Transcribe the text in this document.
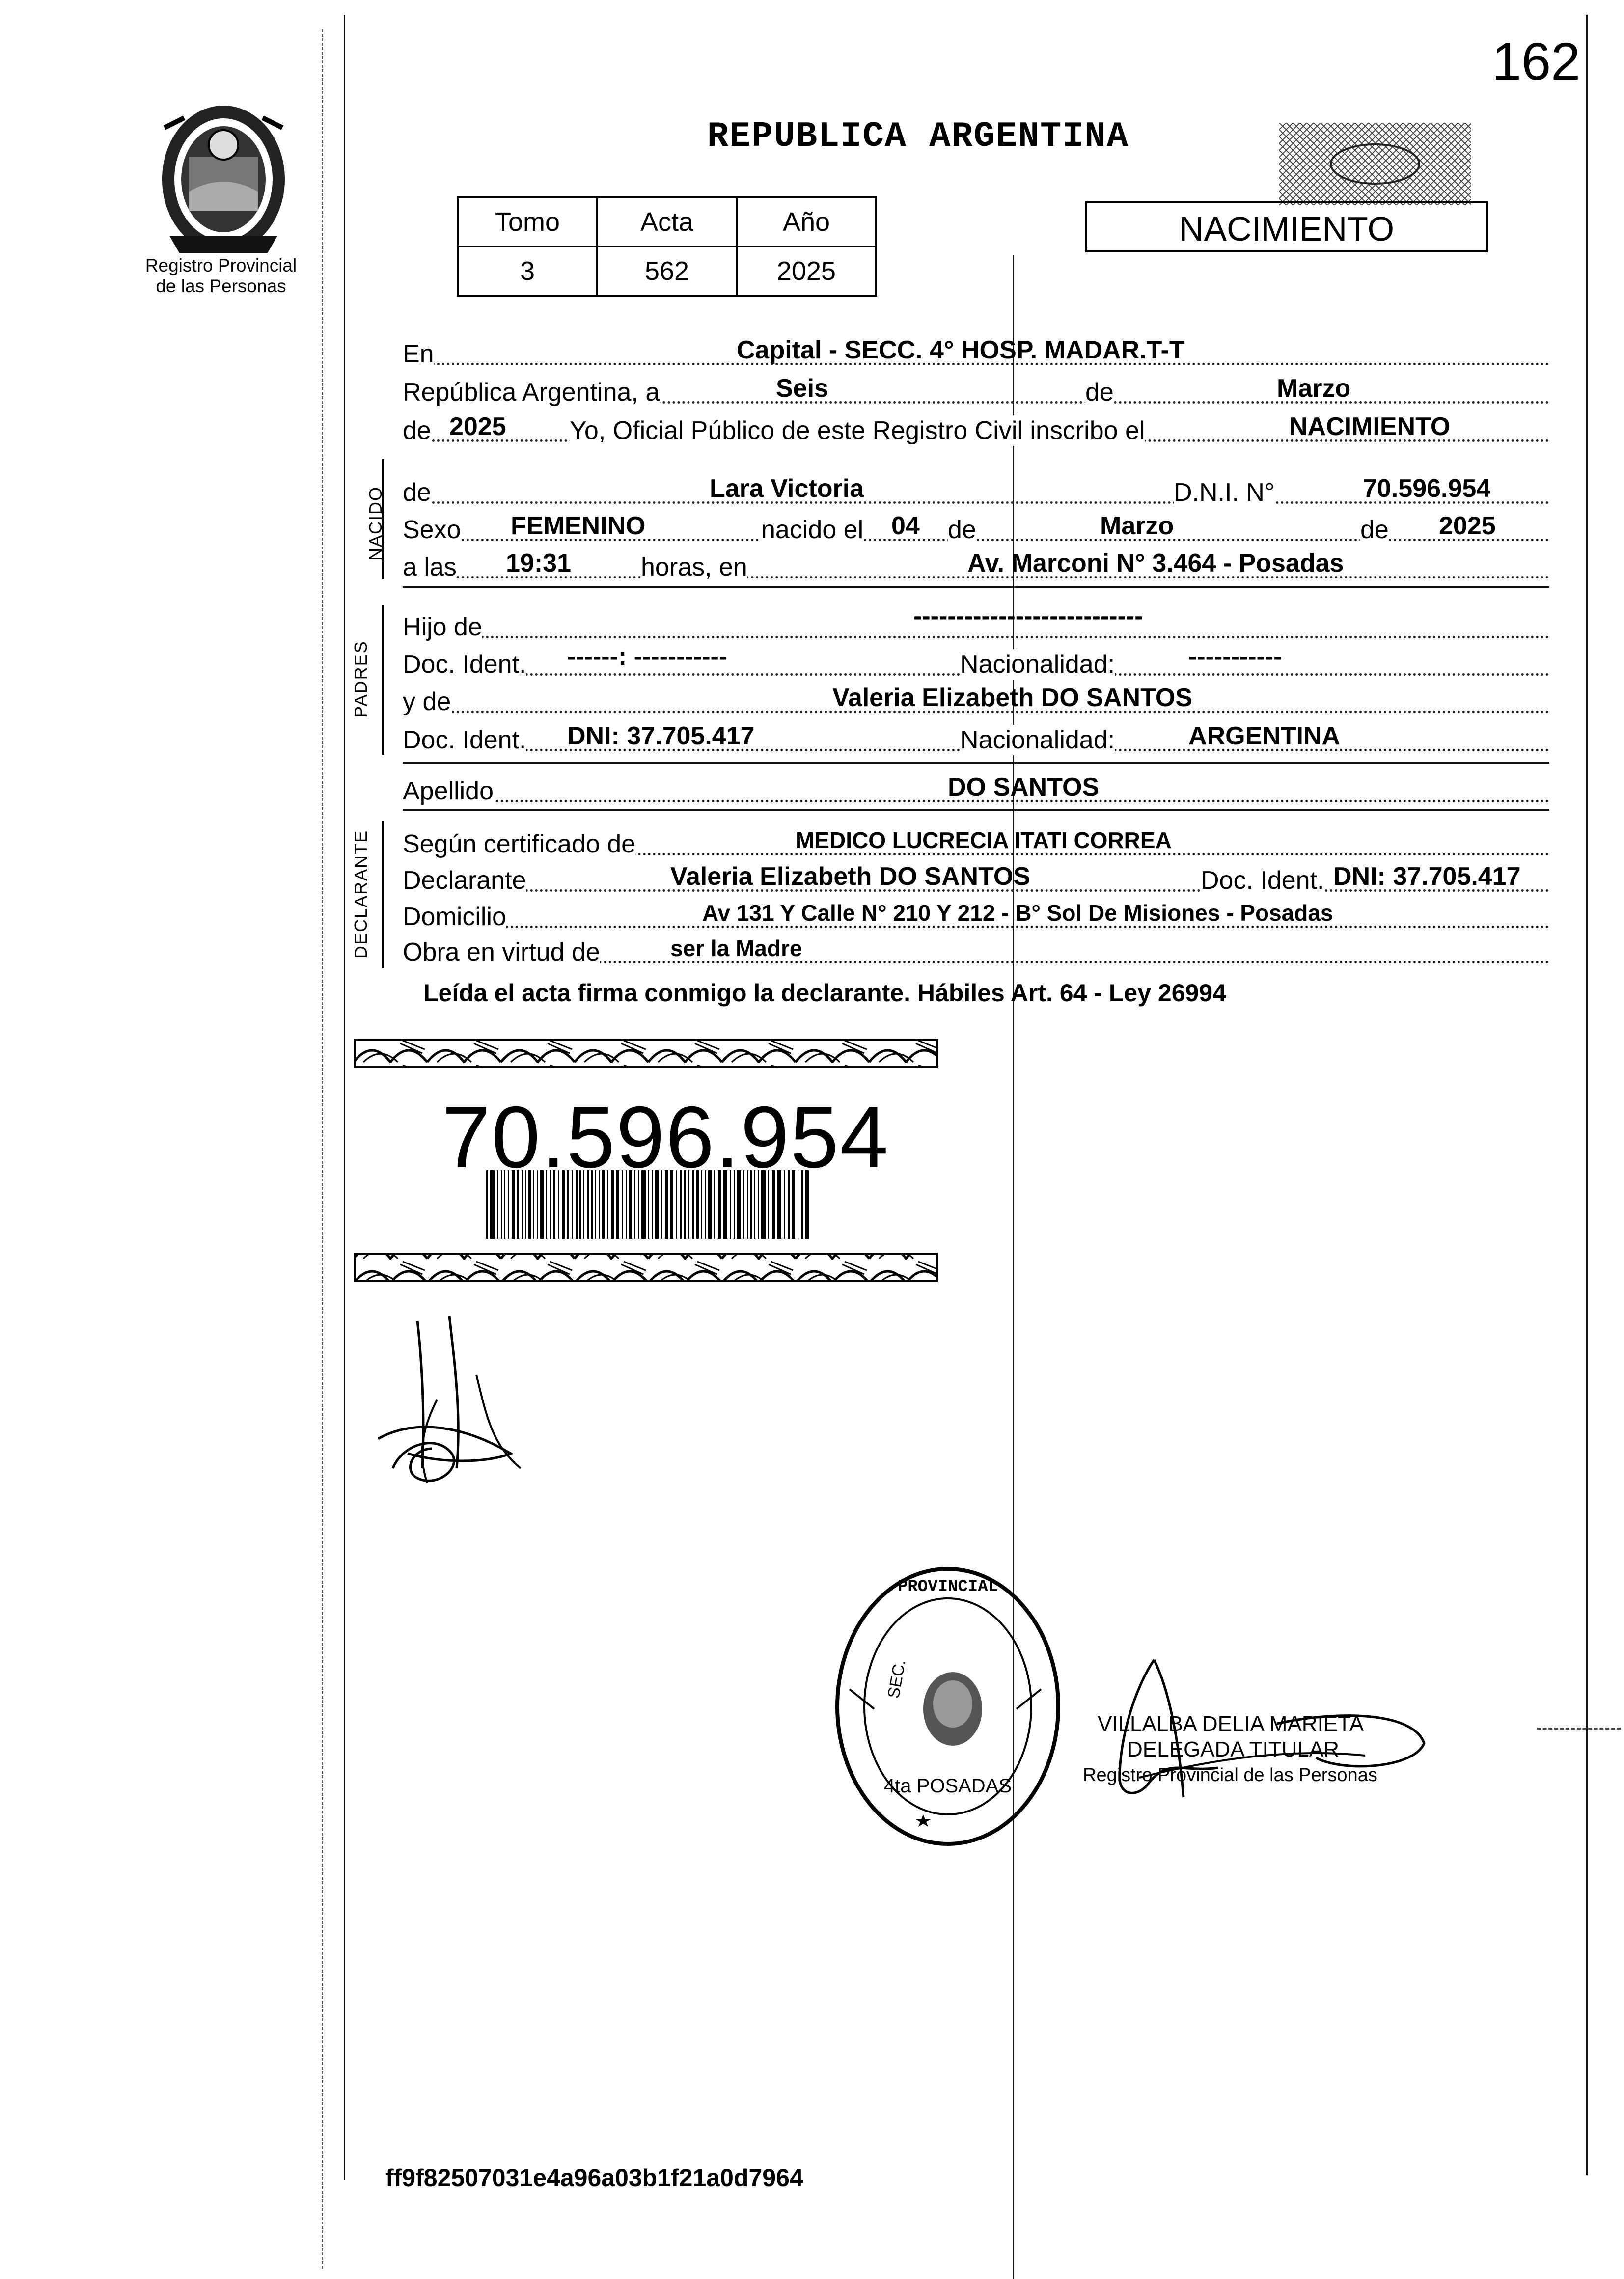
162
Registro Provincial
de las Personas
REPUBLICA ARGENTINA
NACIMIENTO
Tomo	Acta	Año
3	562	2025
En	Capital - SECC. 4° HOSP. MADAR.T-T
República Argentina, a	Seis	de	Marzo
de 2025 Yo, Oficial Público de este Registro Civil inscribo el	NACIMIENTO
NACIDO de	Lara Victoria	D.N.I. N°	70.596.954
Sexo FEMENINO	nacido el 04 de	Marzo	de 2025
a las 19:31	horas, en	Av. Marconi N° 3.464 - Posadas
PADRES
Hijo de	---------------------------
Doc. Ident. ------: -----------	Nacionalidad:	-----------
y de	Valeria Elizabeth DO SANTOS
Doc. Ident. DNI: 37.705.417	Nacionalidad:	ARGENTINA
Apellido	DO SANTOS
DECLARANTE Según certificado de	MEDICO LUCRECIA ITATI CORREA
Declarante	Valeria Elizabeth DO SANTOS	Doc. Ident. DNI: 37.705.417
Domicilio	Av 131 Y Calle N° 210 Y 212 - B° Sol De Misiones - Posadas
Obra en virtud de	ser la Madre
Leída el acta firma conmigo la declarante. Hábiles Art. 64 - Ley 26994
70.596.954
PROVINCIAL
SEC.
4ta POSADAS
VILLALBA DELIA MARIETA
DELEGADA TITULAR
Registro Provincial de las Personas
ff9f82507031e4a96a03b1f21a0d7964
